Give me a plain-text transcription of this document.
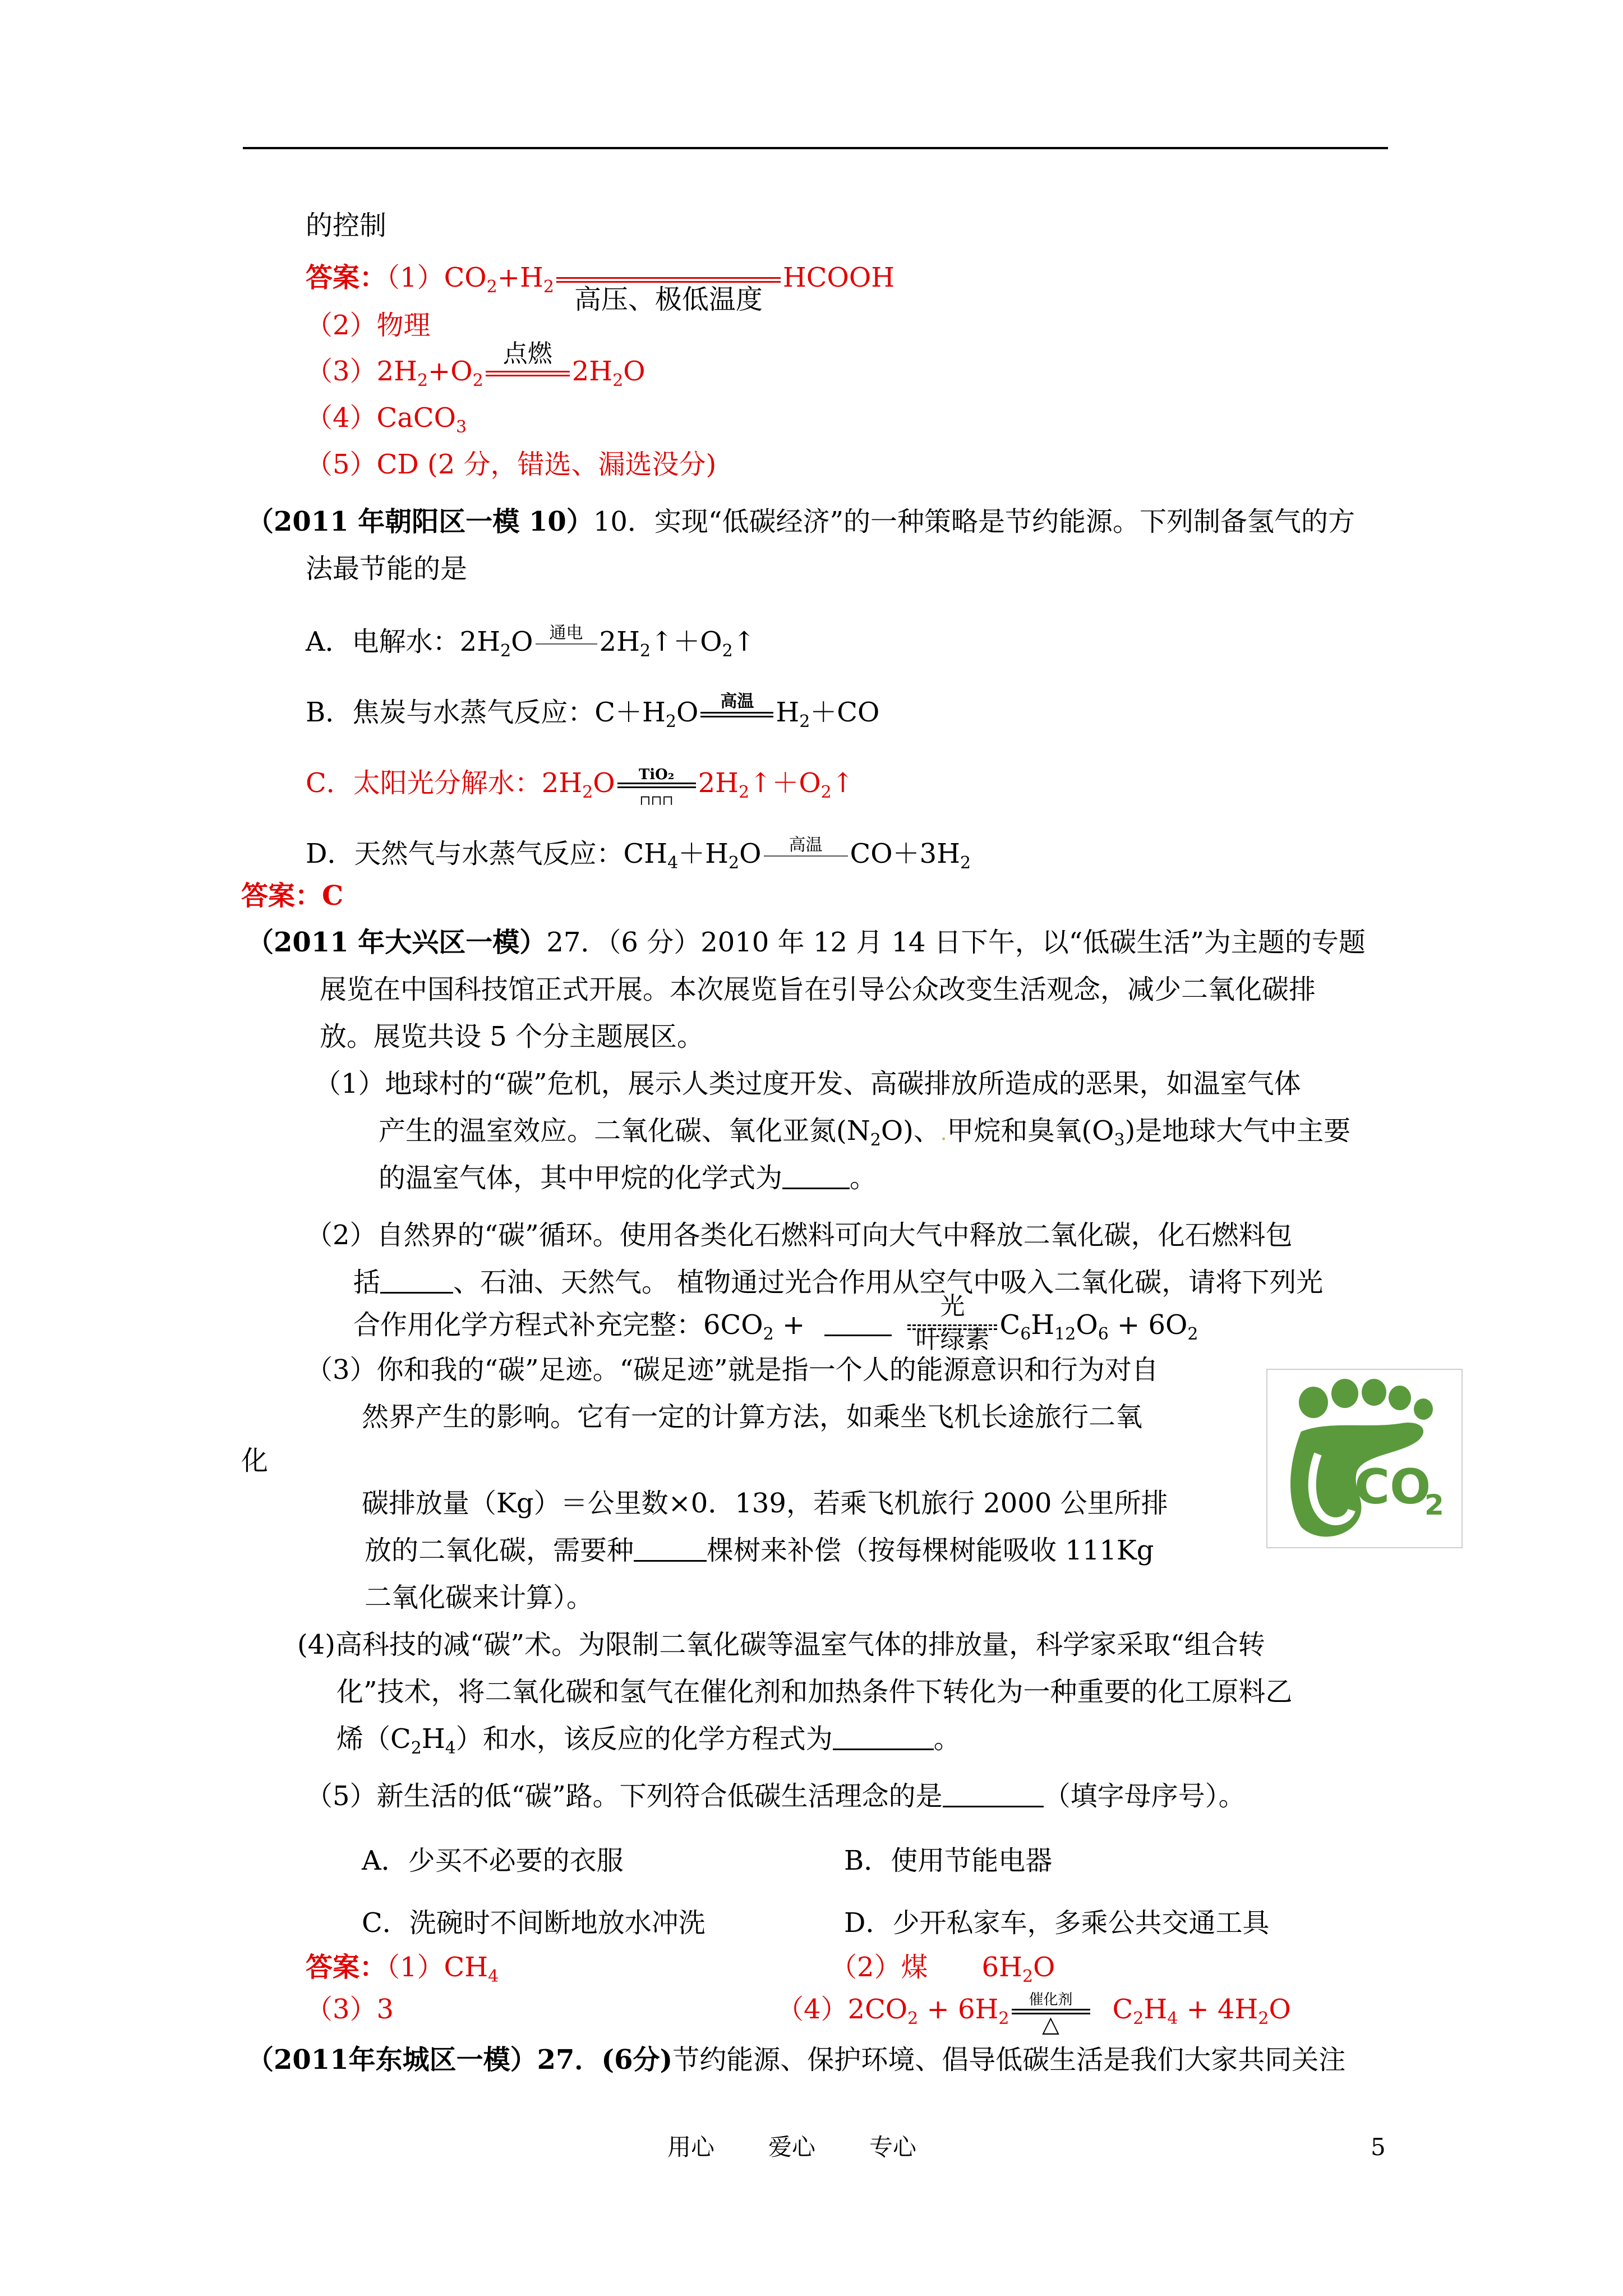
的控制
答案：$(1)CO_2+H_2$ 高压、极低温度
HCOOH
（2）物理
$(3)2H_2+O_2$
点燃
$2H_2O$
（4）CaCO$_3$
（5）CD (2 分，错选、漏选没分)
（2011 年朝阳区一模 10）10．实现“低碳经济”的一种策略是节约能源。下列制备氢气的方
法最节能的是
A．电解水：$2H_2O$ 通电 $2H_2↑+O_2↑$
B．焦炭与水蒸气反应：$C+H_2O$	高温 $H_2+CO$
C．太阳光分解水：$2H_2O$	TiO₂
⊓⊓⊓
$2H_2↑+O_2↑$
D．天然气与水蒸气反应：$CH_4+H_2O$	高温	$CO+3H_2$
答案：C
（2011 年大兴区一模）27．（6 分）2010 年 12 月 14 日下午，以“低碳生活”为主题的专题
展览在中国科技馆正式开展。本次展览旨在引导公众改变生活观念，减少二氧化碳排
放。展览共设 5 个分主题展区。
（1）地球村的“碳”危机，展示人类过度开发、高碳排放所造成的恶果，如温室气体
产生的温室效应。二氧化碳、氧化亚氮$(N_2O)$、.甲烷和臭氧$(O_3)$是地球大气中主要
的温室气体，其中甲烷的化学式为	。
（2）自然界的“碳”循环。使用各类化石燃料可向大气中释放二氧化碳，化石燃料包
括	、石油、天然气。 植物通过光合作用从空气中吸入二氧化碳，请将下列光
合作用化学方程式补充完整：$6CO_2$ +
光
叶绿素 $C_6H_{12}O_6 + 6O_2$
（3）你和我的“碳”足迹。“碳足迹”就是指一个人的能源意识和行为对自
然界产生的影响。它有一定的计算方法，如乘坐飞机长途旅行二氧
化
碳排放量（Kg）＝公里数×0．139，若乘飞机旅行 2000 公里所排
放的二氧化碳，需要种	棵树来补偿（按每棵树能吸收 111Kg
二氧化碳来计算）。
CO
2
(4)高科技的减“碳”术。为限制二氧化碳等温室气体的排放量，科学家采取“组合转
化”技术，将二氧化碳和氢气在催化剂和加热条件下转化为一种重要的化工原料乙
烯$(C_2H_4)$和水，该反应的化学方程式为	。
（5）新生活的低“碳”路。下列符合低碳生活理念的是	（填字母序号）。
A．少买不必要的衣服	B．使用节能电器
C．洗碗时不间断地放水冲洗	D．少开私家车，多乘公共交通工具
答案：$(1)CH_4$	（2）煤 $6H_2O$
（3）3	$(4)2CO_2 + 6H_2$
催化剂
△	$C_2H_4 + 4H_2O$
（2011年东城区一模）27．(6分)节约能源、保护环境、倡导低碳生活是我们大家共同关注
用心 爱心 专心	5
